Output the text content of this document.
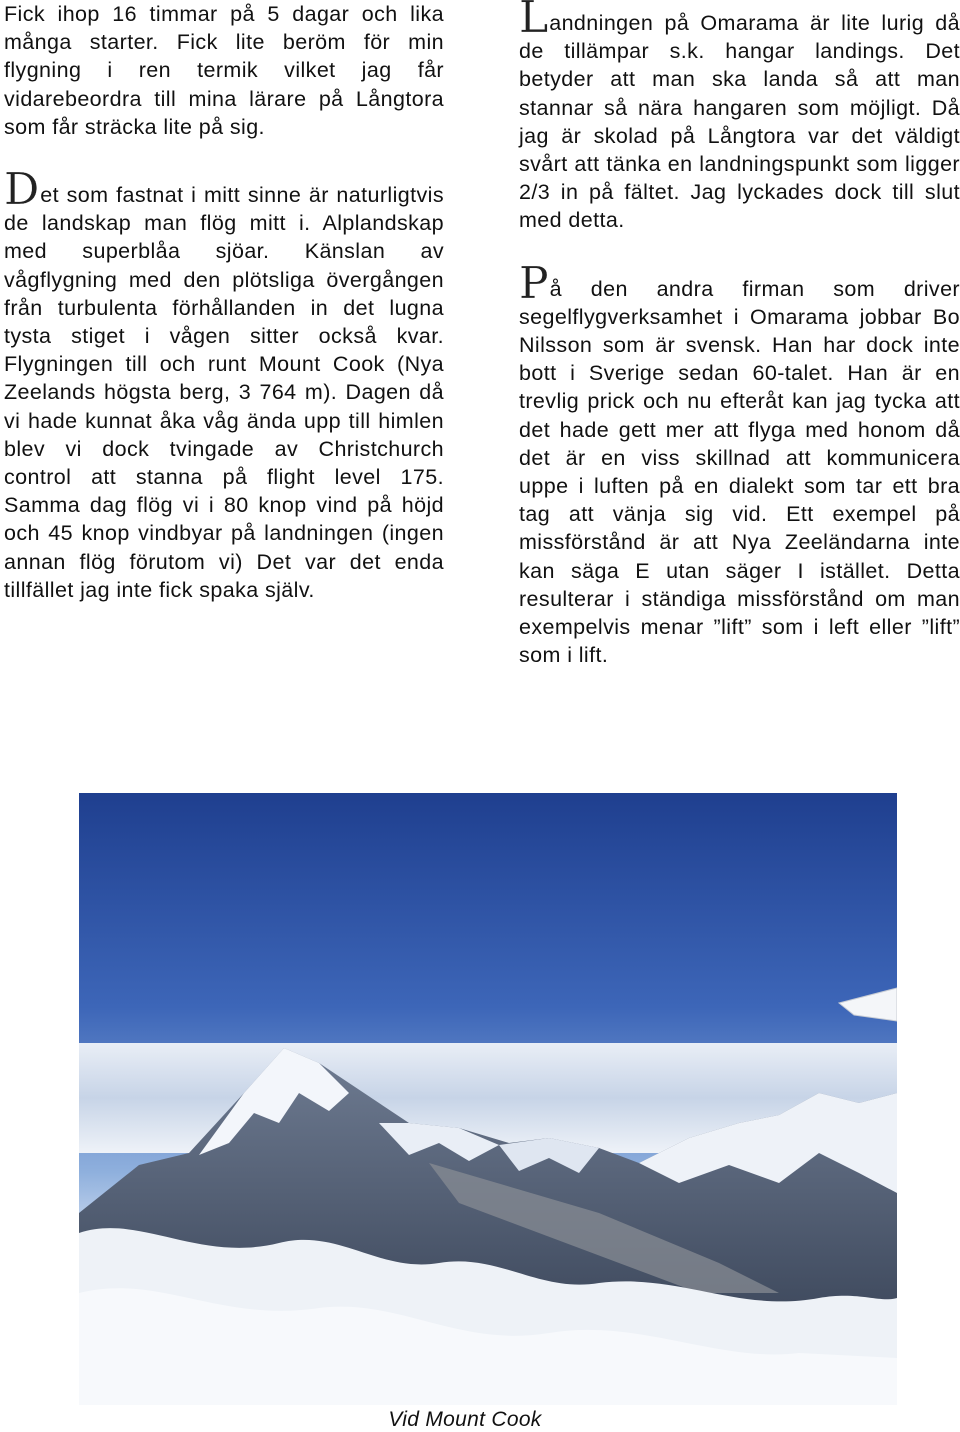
Fick ihop 16 timmar på 5 dagar och lika många starter. Fick lite beröm för min flygning i ren termik vilket jag får vidarebeordra till mina lärare på Långtora som får sträcka lite på sig.

Det som fastnat i mitt sinne är naturligtvis de landskap man flög mitt i. Alplandskap med superblåa sjöar. Känslan av vågflygning med den plötsliga övergången från turbulenta förhållanden in det lugna tysta stiget i vågen sitter också kvar. Flygningen till och runt Mount Cook (Nya Zeelands högsta berg, 3 764 m). Dagen då vi hade kunnat åka våg ända upp till himlen blev vi dock tvingade av Christchurch control att stanna på flight level 175. Samma dag flög vi i 80 knop vind på höjd och 45 knop vindbyar på landningen (ingen annan flög förutom vi) Det var det enda tillfället jag inte fick spaka själv.

Landningen på Omarama är lite lurig då de tillämpar s.k. hangar landings. Det betyder att man ska landa så att man stannar så nära hangaren som möjligt. Då jag är skolad på Långtora var det väldigt svårt att tänka en landningspunkt som ligger 2/3 in på fältet. Jag lyckades dock till slut med detta.

På den andra firman som driver segelflygverksamhet i Omarama jobbar Bo Nilsson som är svensk. Han har dock inte bott i Sverige sedan 60-talet. Han är en trevlig prick och nu efteråt kan jag tycka att det hade gett mer att flyga med honom då det är en viss skillnad att kommunicera uppe i luften på en dialekt som tar ett bra tag att vänja sig vid. Ett exempel på missförstånd är att Nya Zeeländarna inte kan säga E utan säger I istället. Detta resulterar i ständiga missförstånd om man exempelvis menar ”lift” som i left eller ”lift” som i lift.

Vid Mount Cook
